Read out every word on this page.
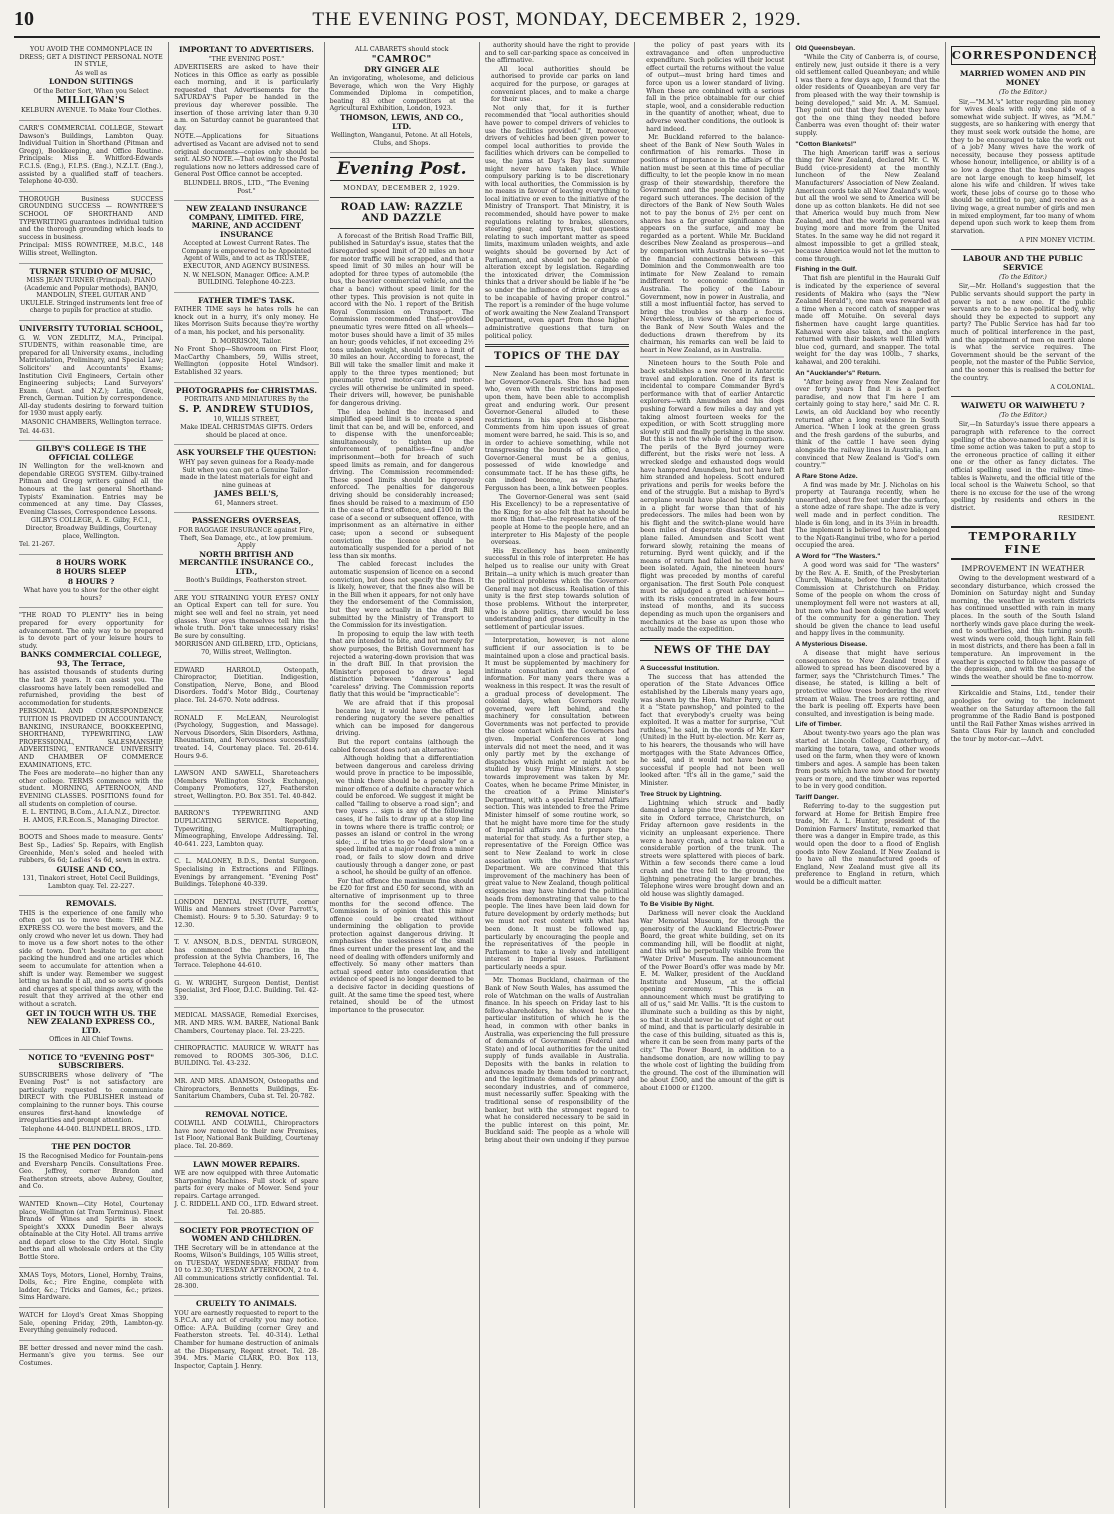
10	THE EVENING POST, MONDAY, DECEMBER 2, 1929.

YOU AVOID THE COMMONPLACE IN DRESS; GET A DISTINCT PERSONAL NOTE IN STYLE,

As well as

LONDON SUITINGS

Of the Better Sort, When you Select

MILLIGAN'S

KELBURN AVENUE. To Make Your Clothes.

CARR'S COMMERCIAL COLLEGE, Stewart Dawson's Buildings, Lambton Quay. Individual Tuition in Shorthand (Pitman and Gregg), Bookkeeping, and Office Routine. Principals: Miss E. Whitford-Edwards F.C.I.S. (Eng.), F.I.P.S. (Eng.), N.Z.I.T. (Eng.), assisted by a qualified staff of teachers. Telephone 40-030.

THOROUGH Business SUCCESS GROUNDING SUCCESS — ROWNTREE'S SCHOOL OF SHORTHAND AND TYPEWRITING guarantees individual tuition and the thorough grounding which leads to success in business.

Principal: MISS ROWNTREE, M.B.C., 148 Willis street, Wellington.

TURNER STUDIO OF MUSIC,

MISS JEAN TURNER (Principal). PIANO (Academic and Popular methods), BANJO, MANDOLIN, STEEL GUITAR AND UKULELE. Stringed instruments lent free of charge to pupils for practice at studio.

UNIVERSITY TUTORIAL SCHOOL,

G. W. VON ZEDLITZ, M.A., Principal. STUDENTS, within reasonable time, are prepared for all University exams., including Matriculation, Preliminary, and Special Law; Solicitors' and Accountants' Exams; Institution Civil Engineers, Certain other Engineering subjects; Land Surveyors' Exam. (Aust. and N.Z.); Latin, Greek, French, German. Tuition by correspondence. All-day students desiring to forward tuition for 1930 must apply early.

MASONIC CHAMBERS, Wellington terrace.

Tel. 44-631.

GILBY'S COLLEGE IS THE OFFICIAL COLLEGE

IN Wellington for the well-known and dependable GREGG SYSTEM. Gilby-trained Pitman and Gregg writers gained all the honours at the last general Shorthand-Typists' Examination. Entries may be commenced at any time. Day Classes, Evening Classes, Correspondence Lessons.

GILBY'S COLLEGE, A. E. Gilby, F.C.I., Director, Broadway Buildings, Courtenay place, Wellington.

Tel. 21-267.

8 HOURS WORK

8 HOURS SLEEP

8 HOURS ?

What have you to show for the other eight hours?

"THE ROAD TO PLENTY" lies in being prepared for every opportunity for advancement. The only way to be prepared is to devote part of your leisure hours to study.

BANKS COMMERCIAL COLLEGE, 93, The Terrace,

has assisted thousands of students during the last 28 years. It can assist you. The classrooms have lately been remodelled and refurnished, providing the best of accommodation for students.

PERSONAL AND CORRESPONDENCE TUITION IS PROVIDED IN ACCOUNTANCY, BANKING, INSURANCE, BOOKKEEPING, SHORTHAND, TYPEWRITING, LAW PROFESSIONAL, SALESMANSHIP, ADVERTISING, ENTRANCE UNIVERSITY AND CHAMBER OF COMMERCE EXAMINATIONS, ETC.

The Fees are moderate—no higher than any other college. TERMS commence with the student. MORNING, AFTERNOON, AND EVENING CLASSES. POSITIONS found for all students on completion of course.

E. L. ENTING, B.Com., A.I.A.N.Z., Director. H. AMOS, F.R.Econ.S., Managing Director.

BOOTS and Shoes made to measure. Gents' Best Sp., Ladies' Sp. Repairs, with English Greenhide, Men's soled and heeled with rubbers, 6s 6d; Ladies' 4s 6d, sewn in extra.

GUISE AND CO.,

131, Tinakori street, Hotel Cecil Buildings, Lambton quay. Tel. 22-227.

REMOVALS.

THIS is the experience of one family who often got us to move them: THE N.Z. EXPRESS CO. were the best movers, and the only crowd who never let us down. They had to move us a few short notes to the other side of town. Don't hesitate to get about packing the hundred and one articles which seem to accumulate for attention when a shift is under way. Remember we suggest letting us handle it all, and so sorts of goods and charges at special things away, with the result that they arrived at the other end without a scratch.

GET IN TOUCH WITH US. THE NEW ZEALAND EXPRESS CO., LTD.

Offices in All Chief Towns.

NOTICE TO "EVENING POST" SUBSCRIBERS.

SUBSCRIBERS whose delivery of "The Evening Post" is not satisfactory are particularly requested to communicate DIRECT with the PUBLISHER instead of complaining to the runner boys. This course ensures first-hand knowledge of irregularities and prompt attention.

Telephone 44-040. BLUNDELL BROS., LTD.

THE PEN DOCTOR

IS the Recognised Medico for Fountain-pens and Eversharp Pencils. Consultations Free. Geo. Jeffrey, corner Brandon and Featherston streets, above Aubrey, Goulter, and Co.

WANTED Known—City Hotel, Courtenay place, Wellington (at Tram Terminus). Finest Brands of Wines and Spirits in stock. Speight's XXXX Dunedin Beer always obtainable at the City Hotel. All trams arrive and depart close to the City Hotel. Single berths and all wholesale orders at the City Bottle Store.

XMAS Toys, Motors, Lionel, Hornby, Trains, Dolls, &c.; Fire Engine, complete with ladder, &c.; Tricks and Games, &c.; prizes. Sims Hardware.

WATCH for Lloyd's Great Xmas Shopping Sale, opening Friday, 29th, Lambton-qy. Everything genuinely reduced.

BE better dressed and never mind the cash. Hermann's give you terms. See our Costumes.

IMPORTANT TO ADVERTISERS.

"THE EVENING POST."

ADVERTISERS are asked to have their Notices in this Office as early as possible each morning, and it is particularly requested that Advertisements for the SATURDAY'S Paper be handed in the previous day wherever possible. The insertion of those arriving later than 9.30 a.m. on Saturday cannot be guaranteed that day.

NOTE.—Applications for Situations advertised as Vacant are advised not to send original documents—copies only should be sent. ALSO NOTE.—That owing to the Postal regulations now no letters addressed care of General Post Office cannot be accepted.

BLUNDELL BROS., LTD., "The Evening Post."

NEW ZEALAND INSURANCE COMPANY, LIMITED. FIRE, MARINE, AND ACCIDENT INSURANCE

Accepted at Lowest Current Rates. The Company is empowered to be Appointed Agent of Wills, and to act as TRUSTEE, EXECUTOR, AND AGENCY BUSINESS.

N. W. NELSON, Manager. Office: A.M.P. BUILDING. Telephone 40-223.

FATHER TIME'S TASK.

FATHER TIME says he hates rolls he can knock out in a hurry, it's only money. He likes Morrison Suits because they're worthy of a man, his pocket, and his personality.

D. MORRISON, Tailor.

No Front Shop—Showroom on First Floor, MacCarthy Chambers, 59, Willis street, Wellington (opposite Hotel Windsor). Established 32 years.

PHOTOGRAPHS for CHRISTMAS.

PORTRAITS AND MINIATURES By the

S. P. ANDREW STUDIOS,

10, WILLIS STREET,

Make IDEAL CHRISTMAS GIFTS. Orders should be placed at once.

ASK YOURSELF THE QUESTION:

WHY pay seven guineas for a Ready-made Suit when you can get a Genuine Tailor-made in the latest materials for eight and nine guineas at

JAMES BELL'S,

61, Manners street.

PASSENGERS OVERSEAS,

FOR BAGGAGE INSURANCE against Fire, Theft, Sea Damage, etc., at low premium. Apply

NORTH BRITISH AND MERCANTILE INSURANCE CO., LTD.,

Booth's Buildings, Featherston street.

ARE YOU STRAINING YOUR EYES? ONLY an Optical Expert can tell for sure. You might see well and feel no strain, yet need glasses. Your eyes themselves tell him the whole truth. Don't take unnecessary risks! Be sure by consulting.

MORRISON AND GILBERD, LTD., Opticians, 70, Willis street, Wellington.

EDWARD HARROLD, Osteopath, Chiropractor, Dietitian. Indigestion, Constipation, Nerve, Bone, and Blood Disorders. Todd's Motor Bldg., Courtenay place. Tel. 24-670. Note address.

RONALD F. McLEAN, Neurologist (Psychology, Suggestion, and Massage). Nervous Disorders, Skin Disorders, Asthma, Rheumatism, and Nervousness successfully treated. 14, Courtenay place. Tel. 20-614. Hours 9-6.

LAWSON AND SAWELL, Shareteachers (Members Wellington Stock Exchange), Company Promoters, 127, Featherston street, Wellington. P.O. Box 351. Tel. 40-842.

BARRON'S TYPEWRITING AND DUPLICATING SERVICE. Reporting, Typewriting, Multigraphing, Mimeographing, Envelope Addressing. Tel. 40-641. 223, Lambton quay.

C. L. MALONEY, B.D.S., Dental Surgeon. Specialising in Extractions and Fillings. Evenings by arrangement. "Evening Post" Buildings. Telephone 40-339.

LONDON DENTAL INSTITUTE, corner Willis and Manners street (Over Parrott's, Chemist). Hours: 9 to 5.30. Saturday: 9 to 12.30.

T. V. ANSON, B.D.S., DENTAL SURGEON, has commenced the practice in the profession at the Sylvia Chambers, 16, The Terrace. Telephone 44-610.

G. W. WRIGHT, Surgeon Dentist, Dentist Specialist, 3rd Floor, D.I.C. Building. Tel. 42-339.

MEDICAL MASSAGE, Remedial Exercises, MR. AND MRS. W.M. BAREE, National Bank Chambers, Courtenay place. Tel. 23-225.

CHIROPRACTIC. MAURICE W. WRATT has removed to ROOMS 305-306, D.I.C. BUILDING. Tel. 43-232.

MR. AND MRS. ADAMSON, Osteopaths and Chiropractors, Bennetts Buildings, Ex-Sanitarium Chambers, Cuba st. Tel. 20-782.

REMOVAL NOTICE.

COLWILL AND COLWILL, Chiropractors have now removed to their new Premises, 1st Floor, National Bank Building, Courtenay place. Tel. 20-869.

LAWN MOWER REPAIRS.

WE are now equipped with three Automatic Sharpening Machines. Full stock of spare parts for every make of Mower. Send your repairs. Cartage arranged.

J. C. RIDDELL AND CO., LTD. Edward street. Tel. 20-885.

SOCIETY FOR PROTECTION OF WOMEN AND CHILDREN.

THE Secretary will be in attendance at the Rooms, Wilson's Buildings, 105 Willis street, on TUESDAY, WEDNESDAY, FRIDAY from 10 to 12.30; TUESDAY AFTERNOON, 2 to 4. All communications strictly confidential. Tel. 28-300.

CRUELTY TO ANIMALS.

YOU are earnestly requested to report to the S.P.C.A. any act of cruelty you may notice. Office: A.P.A. Building (corner Grey and Featherston streets. Tel. 40-314). Lethal Chamber for humane destruction of animals at the Dispensary, Regent street. Tel. 28-394. Mrs. Marie CLARK, P.O. Box 113, Inspector, Captain J. Henry.

ALL CABARETS should stock

"CAMROC"

DRY GINGER ALE

An invigorating, wholesome, and delicious Beverage, which won the Very Highly Commended Diploma in competition, beating 83 other competitors at the Agricultural Exhibition, London, 1923.

THOMSON, LEWIS, AND CO., LTD.

Wellington, Wanganui, Petone. At all Hotels, Clubs, and Shops.

Evening Post.
MONDAY, DECEMBER 2, 1929.
ROAD LAW: RAZZLE AND DAZZLE

A forecast of the British Road Traffic Bill, published in Saturday's issue, states that the disregarded speed limit of 20 miles an hour for motor traffic will be scrapped, and that a speed limit of 30 miles an hour will be adopted for three types of automobile (the bus, the heavier commercial vehicle, and the char a banc) without speed limit for the other types. This provision is not quite in accord with the No. 1 report of the British Royal Commission on Transport. The Commission recommended that—provided pneumatic tyres were fitted on all wheels—motor buses should have a limit of 35 miles an hour; goods vehicles, if not exceeding 2½ tons unladen weight, should have a limit of 30 miles an hour. According to forecast, the Bill will take the smaller limit and make it apply to the three types mentioned; but pneumatic tyred motor-cars and motor-cycles will otherwise be unlimited in speed. Their drivers will, however, be punishable for dangerous driving.

The idea behind the increased and simplified speed limit is to create a speed limit that can be, and will be, enforced, and to dispense with the unenforceable; simultaneously, to tighten up the enforcement of penalties—fine and/or imprisonment—both for breach of such speed limits as remain, and for dangerous driving. The Commission recommended: These speed limits should be rigorously enforced. The penalties for dangerous driving should be considerably increased; fines should be raised to a maximum of £50 in the case of a first offence, and £100 in the case of a second or subsequent offence, with imprisonment as an alternative in either case; upon a second or subsequent conviction the licence should be automatically suspended for a period of not less than six months.

The cabled forecast includes the automatic suspension of licence on a second conviction, but does not specify the fines. It is likely, however, that the fines also will be in the Bill when it appears, for not only have they the endorsement of the Commission, but they were actually in the draft Bill submitted by the Ministry of Transport to the Commission for its investigation.

In proposing to equip the law with teeth that are intended to bite, and not merely for show purposes, the British Government has rejected a watering-down provision that was in the draft Bill. In that provision the Minister's proposed to draw a legal distinction between "dangerous" and "careless" driving. The Commission reports flatly that this would be "impracticable":

We are afraid that if this proposal became law, it would have the effect of rendering nugatory the severe penalties which can be imposed for dangerous driving.

But the report contains (although the cabled forecast does not) an alternative:

Although holding that a differentiation between dangerous and careless driving would prove in practice to be impossible, we think there should be a penalty for a minor offence of a definite character which could be enforced. We suggest it might be called "failing to observe a road sign"; and two years ... sign is any of the following cases, if he fails to draw up at a stop line in towns where there is traffic control; or passes an island or control in the wrong side; ... if he tries to go "dead slow" on a speed limited at a major road from a minor road, or fails to slow down and drive cautiously through a danger zone, or past a school, he should be guilty of an offence.

For that offence the maximum fine should be £20 for first and £50 for second, with an alternative of imprisonment up to three months for the second offence. The Commission is of opinion that this minor offence could be created without undermining the obligation to provide protection against dangerous driving. It emphasises the uselessness of the small fines current under the present law, and the need of dealing with offenders uniformly and effectively. So many other matters than actual speed enter into consideration that evidence of speed is no longer deemed to be a decisive factor in deciding questions of guilt. At the same time the speed test, where retained, should be of the utmost importance to the prosecutor.

authority should have the right to provide and to sell car-parking space as conceived in the affirmative.

All local authorities should be authorised to provide car parks on land acquired for the purpose, or garages at convenient places, and to make a charge for their use.

Not only that, for it is further recommended that "local authorities should have power to compel drivers of vehicles to use the facilities provided." If, moreover, drivers of vehicles had been given power to compel local authorities to provide the facilities which drivers can be compelled to use, the jams at Day's Bay last summer might never have taken place. While compulsory parking is to be discretionary with local authorities, the Commission is by no means in favour of leaving everything to local initiative or even to the initiative of the Ministry of Transport. That Ministry, it is recommended, should have power to make regulations relating to brakes, silencers, steering gear, and tyres, but questions relating to such important matter as speed limits, maximum unladen weights, and axle weights should be governed by Act of Parliament, and should not be capable of alteration except by legislation. Regarding the intoxicated driver, the Commission thinks that a driver should be liable if he "be so under the influence of drink or drugs as to be incapable of having proper control." The report is a reminder of the huge volume of work awaiting the New Zealand Transport Department, even apart from those higher administrative questions that turn on political policy.

TOPICS OF THE DAY

New Zealand has been most fortunate in her Governor-Generals. She has had men who, even with the restrictions imposed upon them, have been able to accomplish great and enduring work. Our present Governor-General alluded to these restrictions in his speech at Gisborne. Comments from him upon issues of great moment were barred, he said. This is so, and in order to achieve something, while not transgressing the bounds of his office, a Governor-General must be a genius, possessed of wide knowledge and consummate tact. If he has these gifts, he can indeed become, as Sir Charles Fergusson has been, a link between peoples.

The Governor-General was sent (said His Excellency) to be a representative of the King; for so also felt that he should be more than that—the representative of the people at Home to the people here, and an interpreter to His Majesty of the people overseas.

His Excellency has been eminently successful in this role of interpreter. He has helped us to realise our unity with Great Britain—a unity which is much greater than the political problems which the Governor-General may not discuss. Realisation of this unity is the first step towards solution of those problems. Without the interpreter, who is above politics, there would be less understanding and greater difficulty in the settlement of particular issues.

Interpretation, however, is not alone sufficient if our association is to be maintained upon a close and practical basis. It must be supplemented by machinery for intimate consultation and exchange of information. For many years there was a weakness in this respect. It was the result of a gradual process of development. The colonial days, when Governors really governed, were left behind, and the machinery for consultation between Governments was not perfected to provide the close contact which the Governors had given. Imperial Conferences at long intervals did not meet the need, and it was only partly met by the exchange of dispatches which might or might not be studied by busy Prime Ministers. A step towards improvement was taken by Mr. Coates, when he became Prime Minister, in the creation of a Prime Minister's Department, with a special External Affairs section. This was intended to free the Prime Minister himself of some routine work, so that he might have more time for the study of Imperial affairs and to prepare the material for that study. As a further step, a representative of the Foreign Office was sent to New Zealand to work in close association with the Prime Minister's Department. We are convinced that this improvement of the machinery has been of great value to New Zealand, though political exigencies may have hindered the political heads from demonstrating that value to the people. The lines have been laid down for future development by orderly methods; but we must not rest content with what has been done. It must be followed up, particularly by encouraging the people and the representatives of the people in Parliament to take a lively and intelligent interest in Imperial issues. Parliament particularly needs a spur.

Mr. Thomas Buckland, chairman of the Bank of New South Wales, has assumed the role of Watchman on the walls of Australian finance. In his speech on Friday last to his fellow-shareholders, he showed how the particular institution of which he is the head, in common with other banks in Australia, was experiencing the full pressure of demands of Government (Federal and State) and of local authorities for the united supply of funds available in Australia. Deposits with the banks in relation to advances made by them tended to contract, and the legitimate demands of primary and secondary industries, and of commerce, must necessarily suffer. Speaking with the traditional sense of responsibility of the banker, but with the strongest regard to what he considered necessary to be said in the public interest on this point, Mr. Buckland said: The people as a whole will bring about their own undoing if they pursue

the policy of past years with its extravagance and often unproductive expenditure. Such policies will their locust effect curtail the returns without the value of output—must bring hard times and force upon us a lower standard of living. When these are combined with a serious fall in the price obtainable for our chief staple, wool, and a considerable reduction in the quantity of another, wheat, due to adverse weather conditions, the outlook is hard indeed.

Mr. Buckland referred to the balance-sheet of the Bank of New South Wales in confirmation of his remarks. Those in positions of importance in the affairs of the nation must be seen at this time of peculiar difficulty, to let the people know in no mean grasp of their stewardship, therefore the Government and the people cannot lightly regard such utterances. The decision of the directors of the Bank of New South Wales not to pay the bonus of 2½ per cent on shares has a far greater significance than appears on the surface, and may be regarded as a portent. While Mr. Buckland describes New Zealand as prosperous—and by comparison with Australia this is so—yet the financial connections between this Dominion and the Commonwealth are too intimate for New Zealand to remain indifferent to economic conditions in Australia. The policy of the Labour Government, now in power in Australia, and still a most influential factor, has served to bring the troubles so sharp a focus. Nevertheless, in view of the experience of the Bank of New South Wales and the deductions drawn therefrom by its chairman, his remarks can well be laid to heart in New Zealand, as in Australia.

Nineteen hours to the South Pole and back establishes a new record in Antarctic travel and exploration. One of its first is incidental to compare Commander Byrd's performance with that of earlier Antarctic explorers—with Amundsen and his dogs pushing forward a few miles a day and yet taking almost fourteen weeks for the expedition, or with Scott struggling more slowly still and finally perishing in the snow. But this is not the whole of the comparison. The perils of the Byrd journey were different, but the risks were not less. A wrecked sledge and exhausted dogs would have hampered Amundsen, but not have left him stranded and hopeless. Scott endured privations and perils for weeks before the end of the struggle. But a mishap to Byrd's aeroplane would have placed him suddenly in a plight far worse than that of his predecessors. The miles had been won by his flight and the switch-plane would have been miles of desperate disaster had that plane failed. Amundsen and Scott went forward slowly, retaining the means of returning. Byrd went quickly, and if the means of return had failed he would have been isolated. Again, the nineteen hours' flight was preceded by months of careful organisation. The first South Pole conquest must be adjudged a great achievement—with its risks concentrated in a few hours instead of months, and its success depending as much upon the organisers and mechanics at the base as upon those who actually made the expedition.

NEWS OF THE DAY
A Successful Institution.

The success that has attended the operation of the State Advances Office established by the Liberals many years ago, was shown by the Hon. Walter Parry, called it a "State pawnshop," and pointed to the fact that everybody's cruelty was being exploited. It was a matter for surprise, "Cut ruthless," he said, in the words of Mr. Kerr (United) in the Hutt by-election. Mr. Kerr as, to his hearers, the thousands who will have mortgages with the State Advances Office, he said, and it would not have been so successful if people had not been well looked after. "It's all in the game," said the Minister.

Tree Struck by Lightning.

Lightning which struck and badly damaged a large pine tree near the "Bricks" site in Oxford terrace, Christchurch, on Friday afternoon gave residents in the vicinity an unpleasant experience. There were a heavy crash, and a tree taken out a considerable portion of the trunk. The streets were splattered with pieces of bark. Within a few seconds there came a loud crash and the tree fell to the ground, the lightning penetrating the larger branches. Telephone wires were brought down and an old house was slightly damaged.

To Be Visible By Night.

Darkness will never cloak the Auckland War Memorial Museum, for through the generosity of the Auckland Electric-Power Board, the great white building, set on its commanding hill, will be floodlit at night, and this will be perpetually visible from the "Water Drive" Museum. The announcement of the Power Board's offer was made by Mr. E. M. Walker, president of the Auckland Institute and Museum, at the official opening ceremony. "This is an announcement which must be gratifying to all of us," said Mr. Vallis. "It is the custom to illuminate such a building as this by night, so that it should never be out of sight or out of mind, and that is particularly desirable in the case of this building, situated as this is, where it can be seen from many parts of the city." The Power Board, in addition to a handsome donation, are now willing to pay the whole cost of lighting the building from the ground. The cost of the illumination will be about £500, and the amount of the gift is about £1000 or £1200.

Old Queensbeyan.

"While the City of Canberra is, of course, entirely new, just outside it there is a very old settlement called Queanbeyan; and while I was there a few days ago, I found that the older residents of Queanbeyan are very far from pleased with the way their township is being developed," said Mr. A. M. Samuel. They point out that they feel that they have got the one thing they needed before Canberra was even thought of: their water supply.

"Cotton Blankets!"

The high American tariff was a serious thing for New Zealand, declared Mr. C. W. Budd (vice-president) at the monthly luncheon of the New Zealand Manufacturers' Association of New Zealand. American cords take all New Zealand's wool; but all the wool we send to America will be done up as cotton blankets. He did not see that America would buy much from New Zealand, and that the world in general was buying more and more from the United States. In the same way he did not regard it almost impossible to get a grilled steak, because America would not let the mutton to come through.

Fishing in the Gulf.

That fish are plentiful in the Hauraki Gulf is indicated by the experience of several residents of Makira who (says the "New Zealand Herald"), one man was rewarded at a time when a record catch of snapper was made off Motuihe. On several days fishermen have caught large quantities. Kahawai were also taken, and the anglers returned with their baskets well filled with blue cod, gurnard, and snapper. The total weight for the day was 100lb., 7 sharks, kahawai, and 200 terakihi.

An "Aucklander's" Return.

"After being away from New Zealand for over forty years I find it is a perfect paradise, and now that I'm here I am certainly going to stay here," said Mr. C. R. Lewis, an old Auckland boy who recently returned after a long residence in South America. "When I look at the green grass and the fresh gardens of the suburbs, and think of the cattle I have seen dying alongside the railway lines in Australia, I am convinced that New Zealand is 'God's own country.'"

A Rare Stone Adze.

A find was made by Mr. J. Nicholas on his property at Tauranga recently, when he unearthed, about five feet under the surface, a stone adze of rare shape. The adze is very well made and in perfect condition. The blade is 6in long, and in its 3½in in breadth. The implement is believed to have belonged to the Ngati-Ranginui tribe, who for a period occupied the area.

A Word for "The Wasters."

A good word was said for "The wasters" by the Rev. A. E. Smith, of the Presbyterian Church, Waimate, before the Rehabilitation Commission at Christchurch on Friday. Some of the people on whom the cross of unemployment fell were not wasters at all, but men who had been doing the hard work of the community for a generation. They should be given the chance to lead useful and happy lives in the community.

A Mysterious Disease.

A disease that might have serious consequences to New Zealand trees if allowed to spread has been discovered by a farmer, says the "Christchurch Times." The disease, he stated, is killing a belt of protective willow trees bordering the river stream at Waiau. The trees are rotting, and the bark is peeling off. Experts have been consulted, and investigation is being made.

Life of Timber.

About twenty-two years ago the plan was started at Lincoln College, Canterbury, of marking the totara, tawa, and other woods used on the farm, when they were of known timbers and ages. A sample has been taken from posts which have now stood for twenty years or more, and the timber was reported to be in very good condition.

Tariff Danger.

Referring to-day to the suggestion put forward at Home for British Empire free trade, Mr. A. L. Hunter, president of the Dominion Farmers' Institute, remarked that there was a danger in Empire trade, as this would open the door to a flood of English goods into New Zealand. If New Zealand is to have all the manufactured goods of England, New Zealand must give all its preference to England in return, which would be a difficult matter.

CORRESPONDENCE
MARRIED WOMEN AND PIN MONEY
(To the Editor.)

Sir,—"M.M.'s" letter regarding pin money for wives deals with only one side of a somewhat wide subject. If wives, as "M.M." suggests, are so hankering with energy that they must seek work outside the home, are they to be encouraged to take the work out of a job? Many wives have the work of necessity, because they possess aptitude whose honour, intelligence, or ability is of a so low a degree that the husband's wages are not large enough to keep himself, let alone his wife and children. If wives take work, these jobs of course go to those who should be entitled to pay, and receive as a living wage, a great number of girls and men in mixed employment, far too many of whom depend upon such work to keep them from starvation.

A PIN MONEY VICTIM.
LABOUR AND THE PUBLIC SERVICE
(To the Editor.)

Sir,—Mr. Holland's suggestion that the Public servants should support the party in power is not a new one. If the public servants are to be a non-political body, why should they be expected to support any party? The Public Service has had far too much of political interference in the past, and the appointment of men on merit alone is what the service requires. The Government should be the servant of the people, not the master of the Public Service, and the sooner this is realised the better for the country.

A COLONIAL.
WAIWETU OR WAIWHETU ?
(To the Editor.)

Sir,—In Saturday's issue there appears a paragraph with reference to the correct spelling of the above-named locality, and it is time some action was taken to put a stop to the erroneous practice of calling it either one or the other as fancy dictates. The official spelling used in the railway time-tables is Waiwetu, and the official title of the local school is the Waiwetu School, so that there is no excuse for the use of the wrong spelling by residents and others in the district.

RESIDENT.
TEMPORARILY FINE
IMPROVEMENT IN WEATHER

Owing to the development westward of a secondary disturbance, which crossed the Dominion on Saturday night and Sunday morning, the weather in western districts has continued unsettled with rain in many places. In the south of the South Island northerly winds gave place during the week-end to southerlies, and this turning south-west winds were cold, though light. Rain fell in most districts, and there has been a fall in temperature. An improvement in the weather is expected to follow the passage of the depression, and with the easing of the winds the weather should be fine to-morrow.

Kirkcaldie and Stains, Ltd., tender their apologies for owing to the inclement weather on the Saturday afternoon the fall programme of the Radio Band is postponed until the Rail Father Xmas wishes arrived in Santa Claus Fair by launch and concluded the tour by motor-car.—Advt.
